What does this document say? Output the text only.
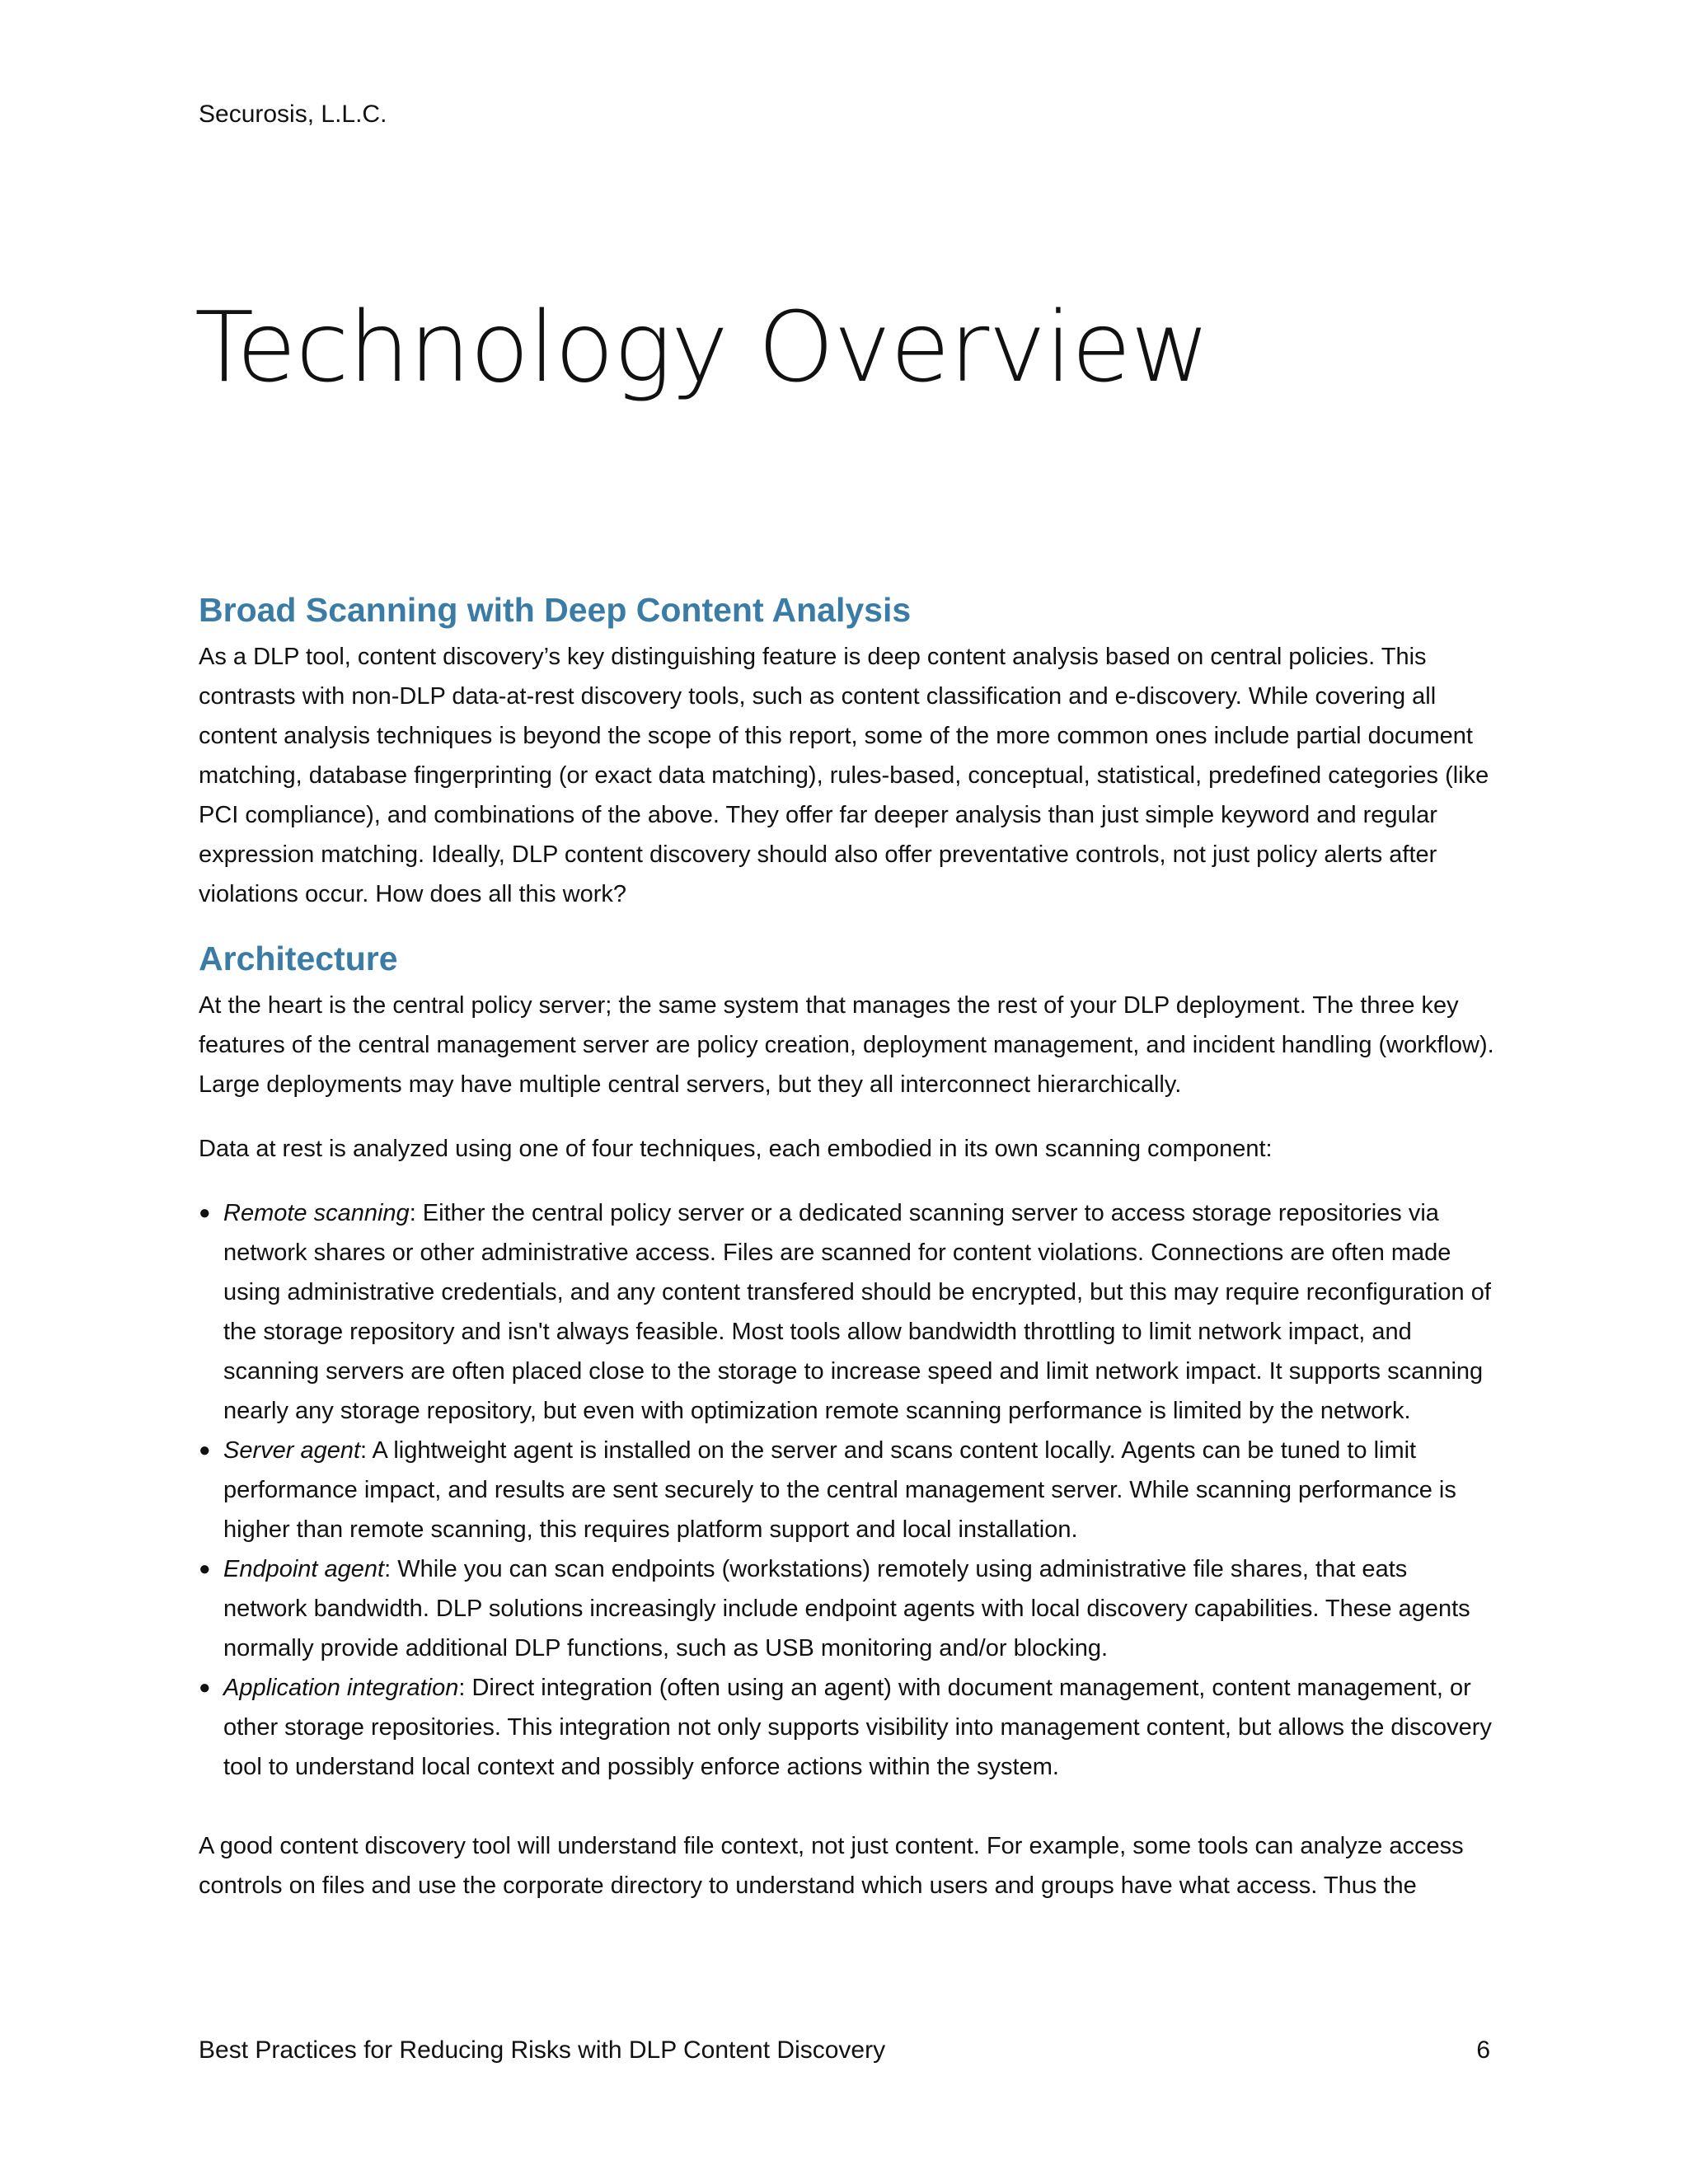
Securosis, L.L.C.
Technology Overview
Broad Scanning with Deep Content Analysis

As a DLP tool, content discovery’s key distinguishing feature is deep content analysis based on central policies. This contrasts with non-DLP data-at-rest discovery tools, such as content classification and e-discovery. While covering all content analysis techniques is beyond the scope of this report, some of the more common ones include partial document matching, database fingerprinting (or exact data matching), rules-based, conceptual, statistical, predefined categories (like PCI compliance), and combinations of the above. They offer far deeper analysis than just simple keyword and regular expression matching. Ideally, DLP content discovery should also offer preventative controls, not just policy alerts after violations occur. How does all this work?

Architecture

At the heart is the central policy server; the same system that manages the rest of your DLP deployment. The three key features of the central management server are policy creation, deployment management, and incident handling (workflow). Large deployments may have multiple central servers, but they all interconnect hierarchically.

Data at rest is analyzed using one of four techniques, each embodied in its own scanning component:

● Remote scanning: Either the central policy server or a dedicated scanning server to access storage repositories via network shares or other administrative access. Files are scanned for content violations. Connections are often made using administrative credentials, and any content transfered should be encrypted, but this may require reconfiguration of the storage repository and isn't always feasible. Most tools allow bandwidth throttling to limit network impact, and scanning servers are often placed close to the storage to increase speed and limit network impact. It supports scanning nearly any storage repository, but even with optimization remote scanning performance is limited by the network.
● Server agent: A lightweight agent is installed on the server and scans content locally. Agents can be tuned to limit performance impact, and results are sent securely to the central management server. While scanning performance is higher than remote scanning, this requires platform support and local installation.
● Endpoint agent: While you can scan endpoints (workstations) remotely using administrative file shares, that eats network bandwidth. DLP solutions increasingly include endpoint agents with local discovery capabilities. These agents normally provide additional DLP functions, such as USB monitoring and/or blocking.
● Application integration: Direct integration (often using an agent) with document management, content management, or other storage repositories. This integration not only supports visibility into management content, but allows the discovery tool to understand local context and possibly enforce actions within the system.

A good content discovery tool will understand file context, not just content. For example, some tools can analyze access controls on files and use the corporate directory to understand which users and groups have what access. Thus the

Best Practices for Reducing Risks with DLP Content Discovery	6
